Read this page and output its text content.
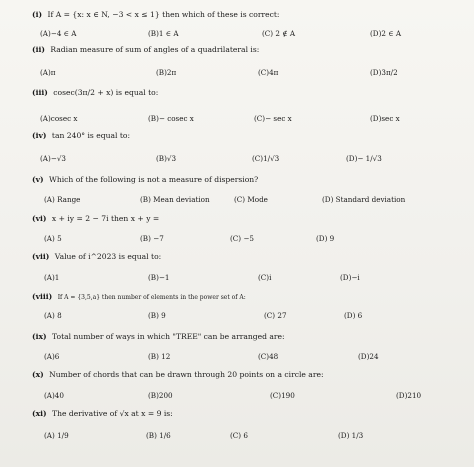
(i) If A = {x: x ∈ N, −3 < x ≤ 1} then which of these is correct:
(A)−4 ∈ A	(B)1 ∈ A	(C) 2 ∉ A	(D)2 ∈ A
(ii) Radian measure of sum of angles of a quadrilateral is:
(A)π	(B)2π	(C)4π	(D)3π/2
(iii) cosec(3π/2 + x) is equal to:
(A)cosec x	(B)− cosec x	(C)− sec x	(D)sec x
(iv) tan 240° is equal to:
(A)−√3	(B)√3	(C)1/√3	(D)− 1/√3
(v) Which of the following is not a measure of dispersion?
(A) Range	(B) Mean deviation	(C) Mode	(D) Standard deviation
(vi) x + iy = 2 − 7i then x + y =
(A) 5	(B) −7	(C) −5	(D) 9
(vii) Value of i^2023 is equal to:
(A)1	(B)−1	(C)i	(D)−i
(viii) If A = {3,5,a} then number of elements in the power set of A:
(A) 8	(B) 9	(C) 27	(D) 6
(ix) Total number of ways in which "TREE" can be arranged are:
(A)6	(B) 12	(C)48	(D)24
(x) Number of chords that can be drawn through 20 points on a circle are:
(A)40	(B)200	(C)190	(D)210
(xi) The derivative of √x at x = 9 is:
(A) 1/9	(B) 1/6	(C) 6	(D) 1/3
